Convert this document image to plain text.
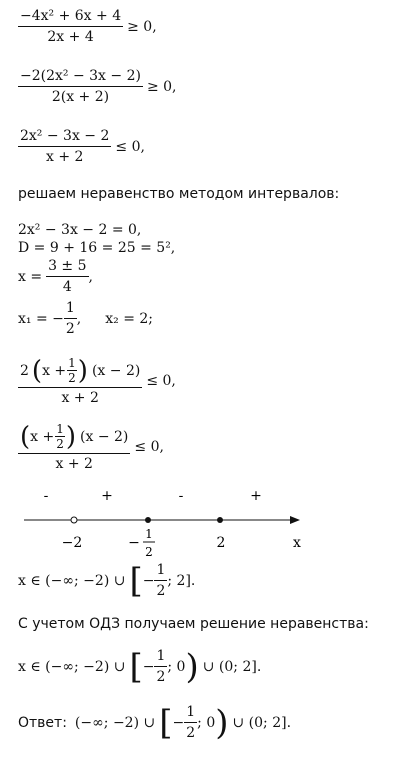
$\frac{\text{−4x² + 6x + 4}}{2x + 4} \ge 0$,
$\frac{\text{−2(2x² − 3x − 2)}}{2(x + 2)} \ge 0$,
$\frac{\text{2x² − 3x − 2}}{x + 2} \le 0$,
решаем неравенство методом интервалов:
2x² − 3x − 2 = 0,
D = 9 + 16 = 25 = 5²,
$x = \frac{3 \pm 5}{4}$ ,
x₁ = − $\frac{1}{2}$ , x₂ = 2;
2 ( $x + \frac{1}{2}$ ) (x − 2)
x + 2
≤ 0,
( $x + \frac{1}{2}$ ) (x − 2)
x + 2
≤ 0,
-	+	-	+
−2	−
1
2
2	x
x ∈ (−∞; −2) ∪ [ − $\frac{1}{2}$ ; 2].
С учетом ОДЗ получаем решение неравенства:
x ∈ (−∞; −2) ∪ [ − $\frac{1}{2}$ ; 0 ) ∪ (0; 2].
Ответ: (−∞; −2) ∪ [ − $\frac{1}{2}$ ; 0 ) ∪ (0; 2].
